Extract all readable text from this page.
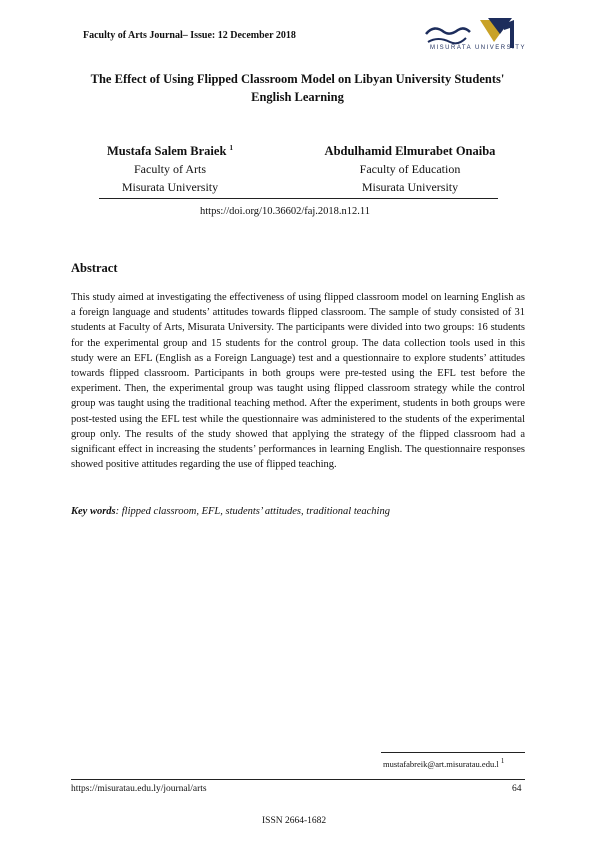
Faculty of Arts Journal– Issue: 12 December 2018
MISURATA UNIVERSITY
The Effect of Using Flipped Classroom Model on Libyan University Students' English Learning
Mustafa Salem Braiek $^1$
Faculty of Arts
Misurata University
Abdulhamid Elmurabet Onaiba
Faculty of Education
Misurata University
https://doi.org/10.36602/faj.2018.n12.11
Abstract
This study aimed at investigating the effectiveness of using flipped classroom model on learning English as a foreign language and students’ attitudes towards flipped classroom. The sample of study consisted of 31 students at Faculty of Arts, Misurata University. The participants were divided into two groups: 16 students for the experimental group and 15 students for the control group. The data collection tools used in this study were an EFL (English as a Foreign Language) test and a questionnaire to explore students’ attitudes towards flipped classroom. Participants in both groups were pre-tested using the EFL test before the experiment. Then, the experimental group was taught using flipped classroom strategy while the control group was taught using the traditional teaching method. After the experiment, students in both groups were post-tested using the EFL test while the questionnaire was administered to the students of the experimental group only. The results of the study showed that applying the strategy of the flipped classroom had a significant effect in increasing the students’ performances in learning English. The questionnaire responses showed positive attitudes regarding the use of flipped teaching.
Key words: flipped classroom, EFL, students’ attitudes, traditional teaching
mustafabreik@art.misuratau.edu.l $^1$
https://misuratau.edu.ly/journal/arts	64
ISSN 2664-1682
